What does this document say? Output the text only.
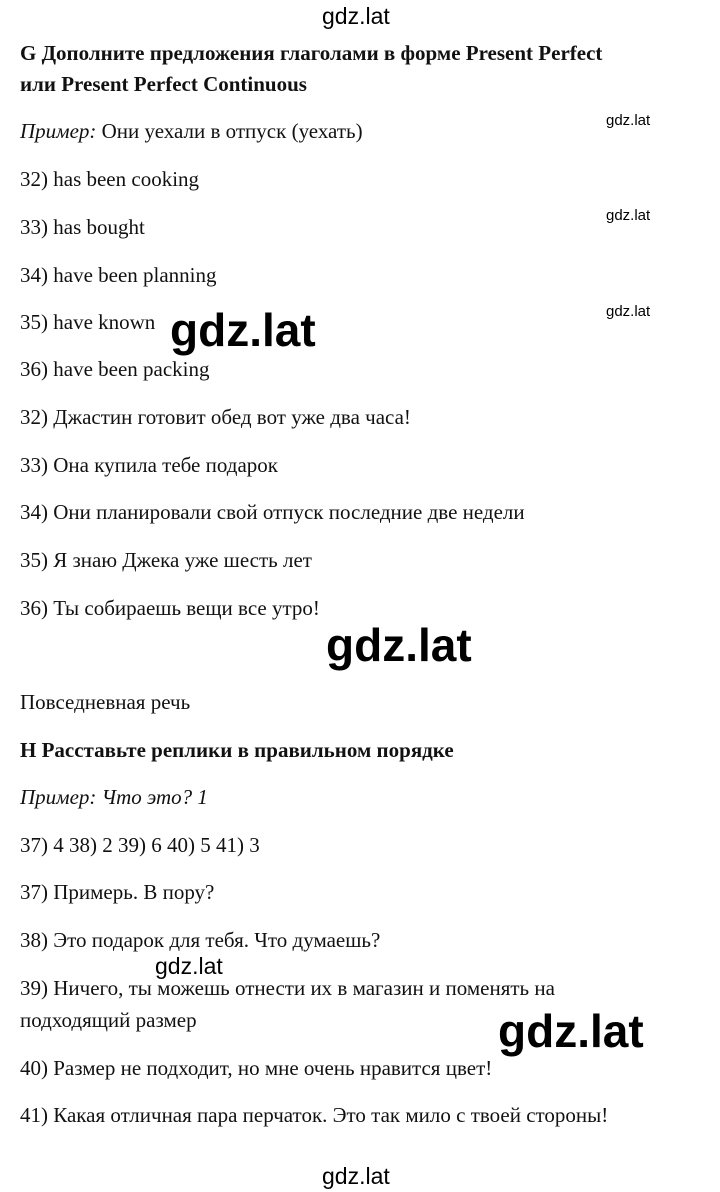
G Дополните предложения глаголами в форме Present Perfect
или Present Perfect Continuous
Пример: Они уехали в отпуск (уехать)
32) has been cooking
33) has bought
34) have been planning
35) have known
36) have been packing
32) Джастин готовит обед вот уже два часа!
33) Она купила тебе подарок
34) Они планировали свой отпуск последние две недели
35) Я знаю Джека уже шесть лет
36) Ты собираешь вещи все утро!
Повседневная речь
H Расставьте реплики в правильном порядке
Пример: Что это? 1
37) 4 38) 2 39) 6 40) 5 41) 3
37) Примерь. В пору?
38) Это подарок для тебя. Что думаешь?
39) Ничего, ты можешь отнести их в магазин и поменять на
подходящий размер
40) Размер не подходит, но мне очень нравится цвет!
41) Какая отличная пара перчаток. Это так мило с твоей стороны!
gdz.lat
gdz.lat
gdz.lat
gdz.lat
gdz.lat
gdz.lat
gdz.lat
gdz.lat
gdz.lat
